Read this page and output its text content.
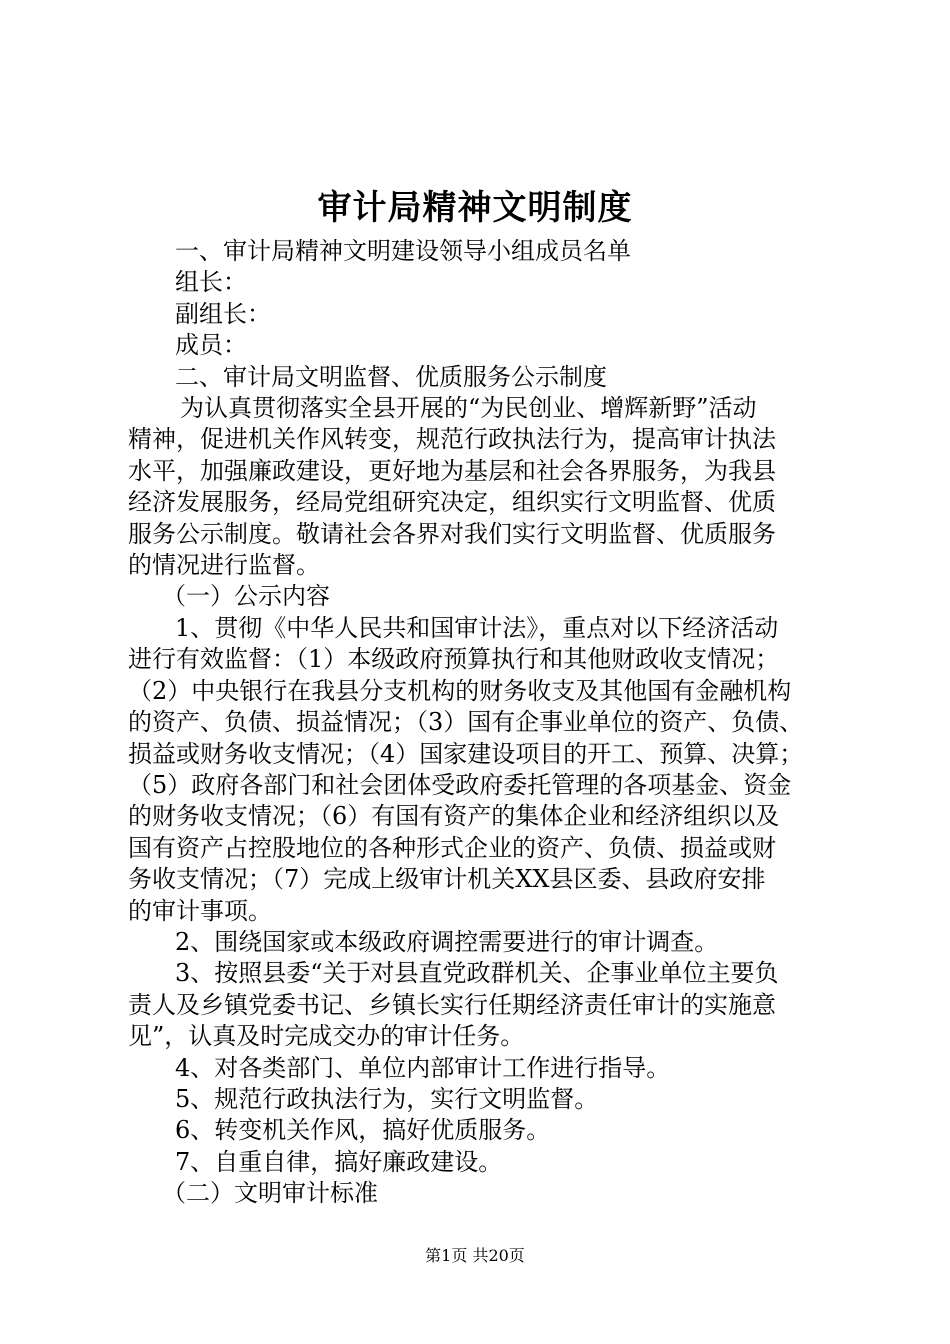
审计局精神文明制度
一、审计局精神文明建设领导小组成员名单
组长：
副组长：
成员：
二、审计局文明监督、优质服务公示制度
为认真贯彻落实全县开展的“为民创业、增辉新野”活动
精神，促进机关作风转变，规范行政执法行为，提高审计执法
水平，加强廉政建设，更好地为基层和社会各界服务，为我县
经济发展服务，经局党组研究决定，组织实行文明监督、优质
服务公示制度。敬请社会各界对我们实行文明监督、优质服务
的情况进行监督。
（一）公示内容
1、贯彻《中华人民共和国审计法》，重点对以下经济活动
进行有效监督：（1）本级政府预算执行和其他财政收支情况；
（2）中央银行在我县分支机构的财务收支及其他国有金融机构
的资产、负债、损益情况；（3）国有企事业单位的资产、负债、
损益或财务收支情况；（4）国家建设项目的开工、预算、决算；
（5）政府各部门和社会团体受政府委托管理的各项基金、资金
的财务收支情况；（6）有国有资产的集体企业和经济组织以及
国有资产占控股地位的各种形式企业的资产、负债、损益或财
务收支情况；（7）完成上级审计机关XX县区委、县政府安排
的审计事项。
2、围绕国家或本级政府调控需要进行的审计调查。
3、按照县委“关于对县直党政群机关、企事业单位主要负
责人及乡镇党委书记、乡镇长实行任期经济责任审计的实施意
见”，认真及时完成交办的审计任务。
4、对各类部门、单位内部审计工作进行指导。
5、规范行政执法行为，实行文明监督。
6、转变机关作风，搞好优质服务。
7、自重自律，搞好廉政建设。
（二）文明审计标准
第1页 共20页
